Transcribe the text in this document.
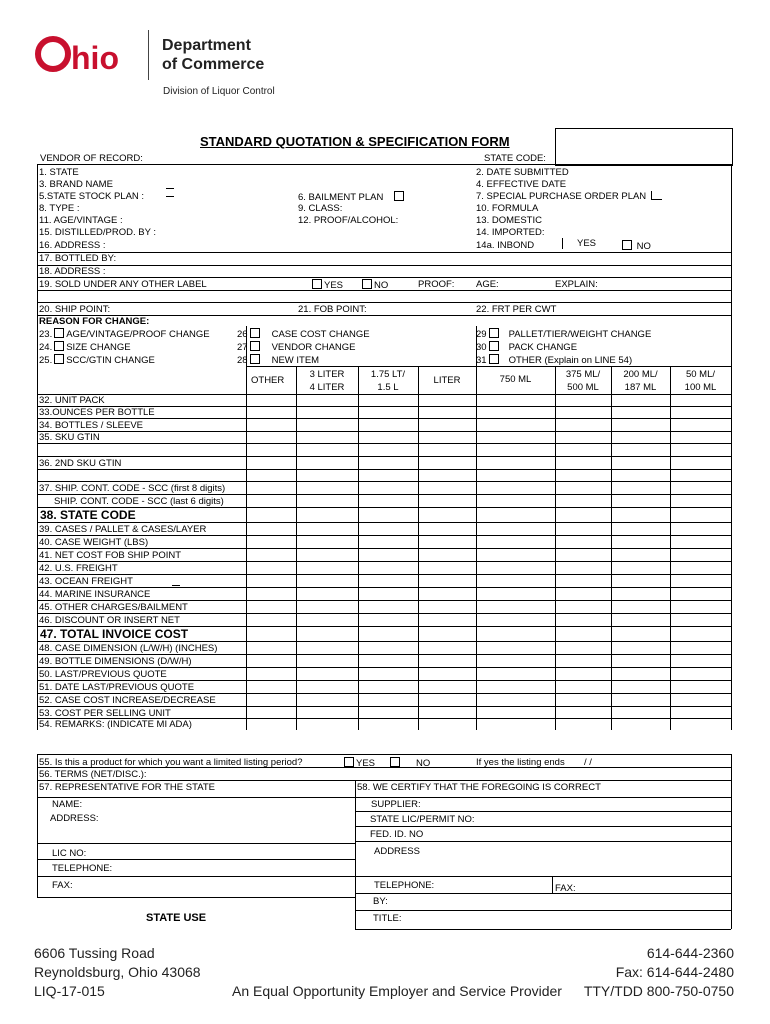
hio	Department
of Commerce
Division of Liquor Control
STANDARD QUOTATION & SPECIFICATION FORM
VENDOR OF RECORD:	STATE CODE:
1. STATE
3. BRAND NAME
5.STATE STOCK PLAN :
8. TYPE :
11. AGE/VINTAGE :
15. DISTILLED/PROD. BY :
16. ADDRESS :
17. BOTTLED BY:
18. ADDRESS :
19. SOLD UNDER ANY OTHER LABEL
6. BAILMENT PLAN
9. CLASS:
12. PROOF/ALCOHOL:
2. DATE SUBMITTED
4. EFFECTIVE DATE
7. SPECIAL PURCHASE ORDER PLAN
10. FORMULA
13. DOMESTIC
14. IMPORTED:
14a. INBOND	YES	NO
YES	NO	PROOF: AGE:	EXPLAIN:
20. SHIP POINT:	21. FOB POINT:	22. FRT PER CWT
REASON FOR CHANGE:
23. AGE/VINTAGE/PROOF CHANGE
24. SIZE CHANGE
25. SCC/GTIN CHANGE
26	CASE COST CHANGE
27	VENDOR CHANGE
28	NEW ITEM
29 PALLET/TIER/WEIGHT CHANGE
30 PACK CHANGE
31 OTHER (Explain on LINE 54)
OTHER
3 LITER
4 LITER
1.75 LT/
1.5 L
LITER	750 ML	375 ML/
500 ML
200 ML/
187 ML
50 ML/
100 ML
32. UNIT PACK
33.OUNCES PER BOTTLE
34. BOTTLES / SLEEVE
35. SKU GTIN
36. 2ND SKU GTIN
37. SHIP. CONT. CODE - SCC (first 8 digits)
SHIP. CONT. CODE - SCC (last 6 digits)
38. STATE CODE
39. CASES / PALLET & CASES/LAYER
40. CASE WEIGHT (LBS)
41. NET COST FOB SHIP POINT
42. U.S. FREIGHT
43. OCEAN FREIGHT
44. MARINE INSURANCE
45. OTHER CHARGES/BAILMENT
46. DISCOUNT OR INSERT NET
47. TOTAL INVOICE COST
48. CASE DIMENSION (L/W/H) (INCHES)
49. BOTTLE DIMENSIONS (D/W/H)
50. LAST/PREVIOUS QUOTE
51. DATE LAST/PREVIOUS QUOTE
52. CASE COST INCREASE/DECREASE
53. COST PER SELLING UNIT
54. REMARKS: (INDICATE MI ADA)
55. Is this a product for which you want a limited listing period?	YES	NO	If yes the listing ends / /
56. TERMS (NET/DISC.):
57. REPRESENTATIVE FOR THE STATE	58. WE CERTIFY THAT THE FOREGOING IS CORRECT
NAME:
ADDRESS:
LIC NO:
TELEPHONE:
FAX:
SUPPLIER:
STATE LIC/PERMIT NO:
FED. ID. NO
ADDRESS
TELEPHONE:	FAX:
BY:
TITLE:
STATE USE
6606 Tussing Road
Reynoldsburg, Ohio 43068
LIQ-17-015	An Equal Opportunity Employer and Service Provider
614-644-2360
Fax: 614-644-2480
TTY/TDD 800-750-0750
